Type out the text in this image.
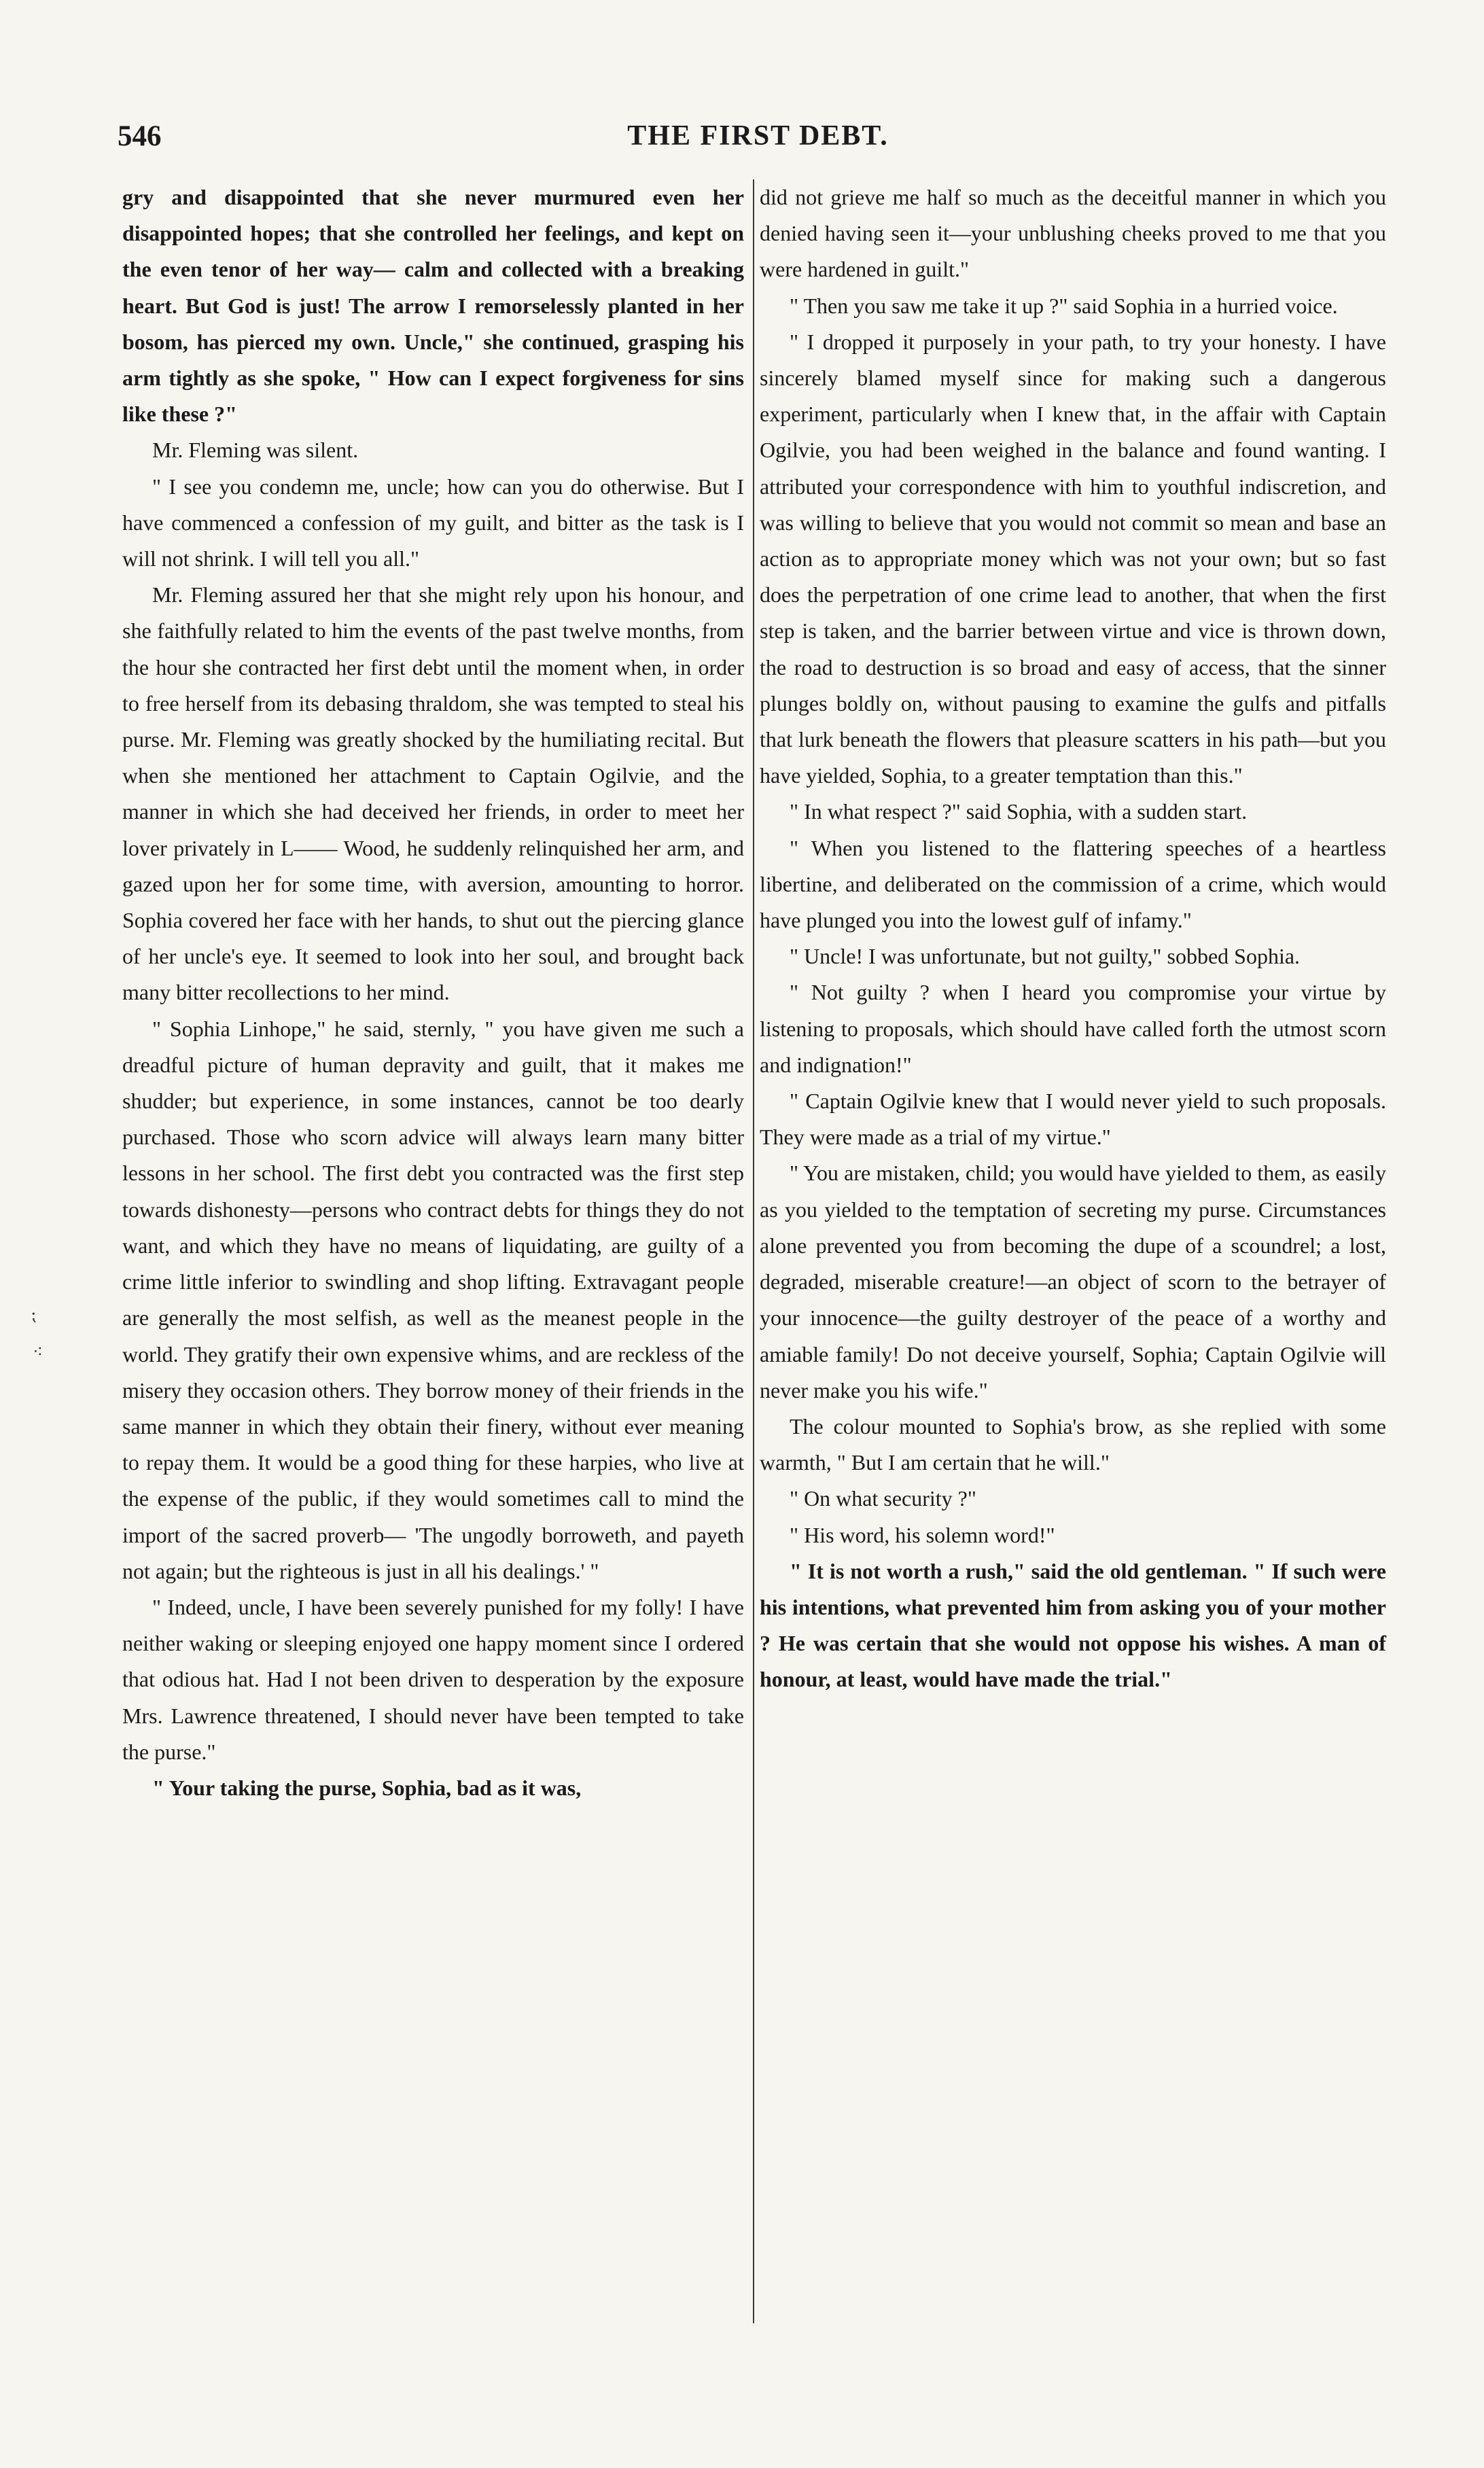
546	THE FIRST DEBT.

gry and disappointed that she never murmured even her disappointed hopes; that she controlled her feelings, and kept on the even tenor of her way— calm and collected with a breaking heart. But God is just! The arrow I remorselessly planted in her bosom, has pierced my own. Uncle," she continued, grasping his arm tightly as she spoke, " How can I expect forgiveness for sins like these ?"

Mr. Fleming was silent.

" I see you condemn me, uncle; how can you do otherwise. But I have commenced a confession of my guilt, and bitter as the task is I will not shrink. I will tell you all."

Mr. Fleming assured her that she might rely upon his honour, and she faithfully related to him the events of the past twelve months, from the hour she contracted her first debt until the moment when, in order to free herself from its debasing thraldom, she was tempted to steal his purse. Mr. Fleming was greatly shocked by the humiliating recital. But when she mentioned her attachment to Captain Ogilvie, and the manner in which she had deceived her friends, in order to meet her lover privately in L—— Wood, he suddenly relinquished her arm, and gazed upon her for some time, with aversion, amounting to horror. Sophia covered her face with her hands, to shut out the piercing glance of her uncle's eye. It seemed to look into her soul, and brought back many bitter recollections to her mind.

" Sophia Linhope," he said, sternly, " you have given me such a dreadful picture of human depravity and guilt, that it makes me shudder; but experience, in some instances, cannot be too dearly purchased. Those who scorn advice will always learn many bitter lessons in her school. The first debt you contracted was the first step towards dishonesty—persons who contract debts for things they do not want, and which they have no means of liquidating, are guilty of a crime little inferior to swindling and shop lifting. Extravagant people are generally the most selfish, as well as the meanest people in the world. They gratify their own expensive whims, and are reckless of the misery they occasion others. They borrow money of their friends in the same manner in which they obtain their finery, without ever meaning to repay them. It would be a good thing for these harpies, who live at the expense of the public, if they would sometimes call to mind the import of the sacred proverb— 'The ungodly borroweth, and payeth not again; but the righteous is just in all his dealings.' "

" Indeed, uncle, I have been severely punished for my folly! I have neither waking or sleeping enjoyed one happy moment since I ordered that odious hat. Had I not been driven to desperation by the exposure Mrs. Lawrence threatened, I should never have been tempted to take the purse."

" Your taking the purse, Sophia, bad as it was,

did not grieve me half so much as the deceitful manner in which you denied having seen it—your unblushing cheeks proved to me that you were hardened in guilt."

" Then you saw me take it up ?" said Sophia in a hurried voice.

" I dropped it purposely in your path, to try your honesty. I have sincerely blamed myself since for making such a dangerous experiment, particularly when I knew that, in the affair with Captain Ogilvie, you had been weighed in the balance and found wanting. I attributed your correspondence with him to youthful indiscretion, and was willing to believe that you would not commit so mean and base an action as to appropriate money which was not your own; but so fast does the perpetration of one crime lead to another, that when the first step is taken, and the barrier between virtue and vice is thrown down, the road to destruction is so broad and easy of access, that the sinner plunges boldly on, without pausing to examine the gulfs and pitfalls that lurk beneath the flowers that pleasure scatters in his path—but you have yielded, Sophia, to a greater temptation than this."

" In what respect ?" said Sophia, with a sudden start.

" When you listened to the flattering speeches of a heartless libertine, and deliberated on the commission of a crime, which would have plunged you into the lowest gulf of infamy."

" Uncle! I was unfortunate, but not guilty," sobbed Sophia.

" Not guilty ? when I heard you compromise your virtue by listening to proposals, which should have called forth the utmost scorn and indignation!"

" Captain Ogilvie knew that I would never yield to such proposals. They were made as a trial of my virtue."

" You are mistaken, child; you would have yielded to them, as easily as you yielded to the temptation of secreting my purse. Circumstances alone prevented you from becoming the dupe of a scoundrel; a lost, degraded, miserable creature!—an object of scorn to the betrayer of your innocence—the guilty destroyer of the peace of a worthy and amiable family! Do not deceive yourself, Sophia; Captain Ogilvie will never make you his wife."

The colour mounted to Sophia's brow, as she replied with some warmth, " But I am certain that he will."

" On what security ?"

" His word, his solemn word!"

" It is not worth a rush," said the old gentleman. " If such were his intentions, what prevented him from asking you of your mother ? He was certain that she would not oppose his wishes. A man of honour, at least, would have made the trial."

⁏
⁖
